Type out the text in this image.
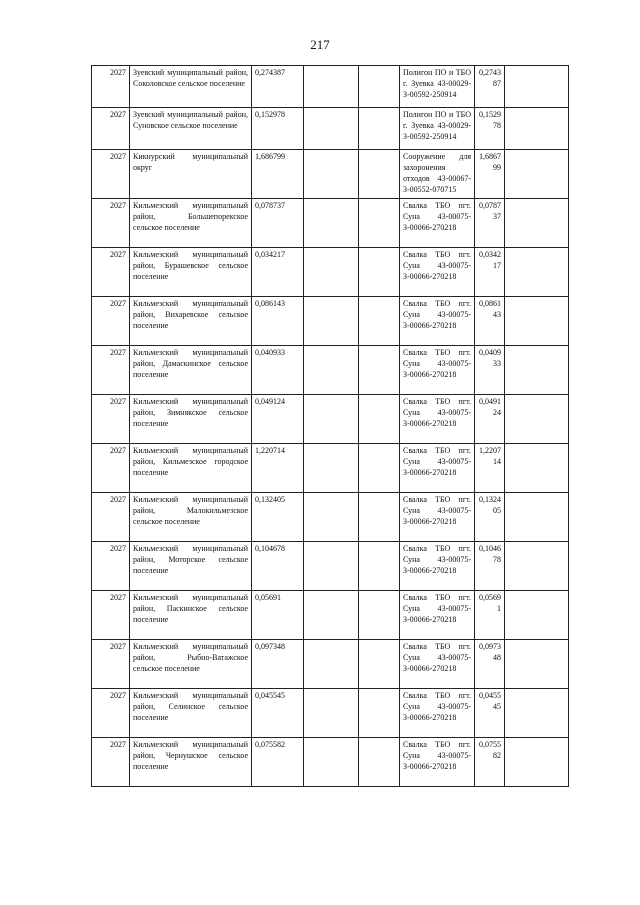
217
2027	Зуевский муниципальный район, Соколовское сельское поселение	0,274387			Полигон ПО и ТБО г. Зуевка 43-00029-З-00592-250914	0,274387	
2027	Зуевский муниципальный район, Суновское сельское поселение	0,152978			Полигон ПО и ТБО г. Зуевка 43-00029-З-00592-250914	0,152978	
2027	Кикнурский муниципальный округ	1,686799			Сооружение для захоронения отходов 43-00067-З-00552-070715	1,686799	
2027	Кильмезский муниципальный район, Большепорекское сельское поселение	0,078737			Свалка ТБО пгт. Суна 43-00075-З-00066-270218	0,078737	
2027	Кильмезский муниципальный район, Бурашевское сельское поселение	0,034217			Свалка ТБО пгт. Суна 43-00075-З-00066-270218	0,034217	
2027	Кильмезский муниципальный район, Вихаревское сельское поселение	0,086143			Свалка ТБО пгт. Суна 43-00075-З-00066-270218	0,086143	
2027	Кильмезский муниципальный район, Дамаскинское сельское поселение	0,040933			Свалка ТБО пгт. Суна 43-00075-З-00066-270218	0,040933	
2027	Кильмезский муниципальный район, Зимнякское сельское поселение	0,049124			Свалка ТБО пгт. Суна 43-00075-З-00066-270218	0,049124	
2027	Кильмезский муниципальный район, Кильмезское городское поселение	1,220714			Свалка ТБО пгт. Суна 43-00075-З-00066-270218	1,220714	
2027	Кильмезский муниципальный район, Малокильмезское сельское поселение	0,132405			Свалка ТБО пгт. Суна 43-00075-З-00066-270218	0,132405	
2027	Кильмезский муниципальный район, Моторское сельское поселение	0,104678			Свалка ТБО пгт. Суна 43-00075-З-00066-270218	0,104678	
2027	Кильмезский муниципальный район, Паскинское сельское поселение	0,05691			Свалка ТБО пгт. Суна 43-00075-З-00066-270218	0,05691	
2027	Кильмезский муниципальный район, Рыбно-Ватажское сельское поселение	0,097348			Свалка ТБО пгт. Суна 43-00075-З-00066-270218	0,097348	
2027	Кильмезский муниципальный район, Селинское сельское поселение	0,045545			Свалка ТБО пгт. Суна 43-00075-З-00066-270218	0,045545	
2027	Кильмезский муниципальный район, Чернушское сельское поселение	0,075582			Свалка ТБО пгт. Суна 43-00075-З-00066-270218	0,075582	
